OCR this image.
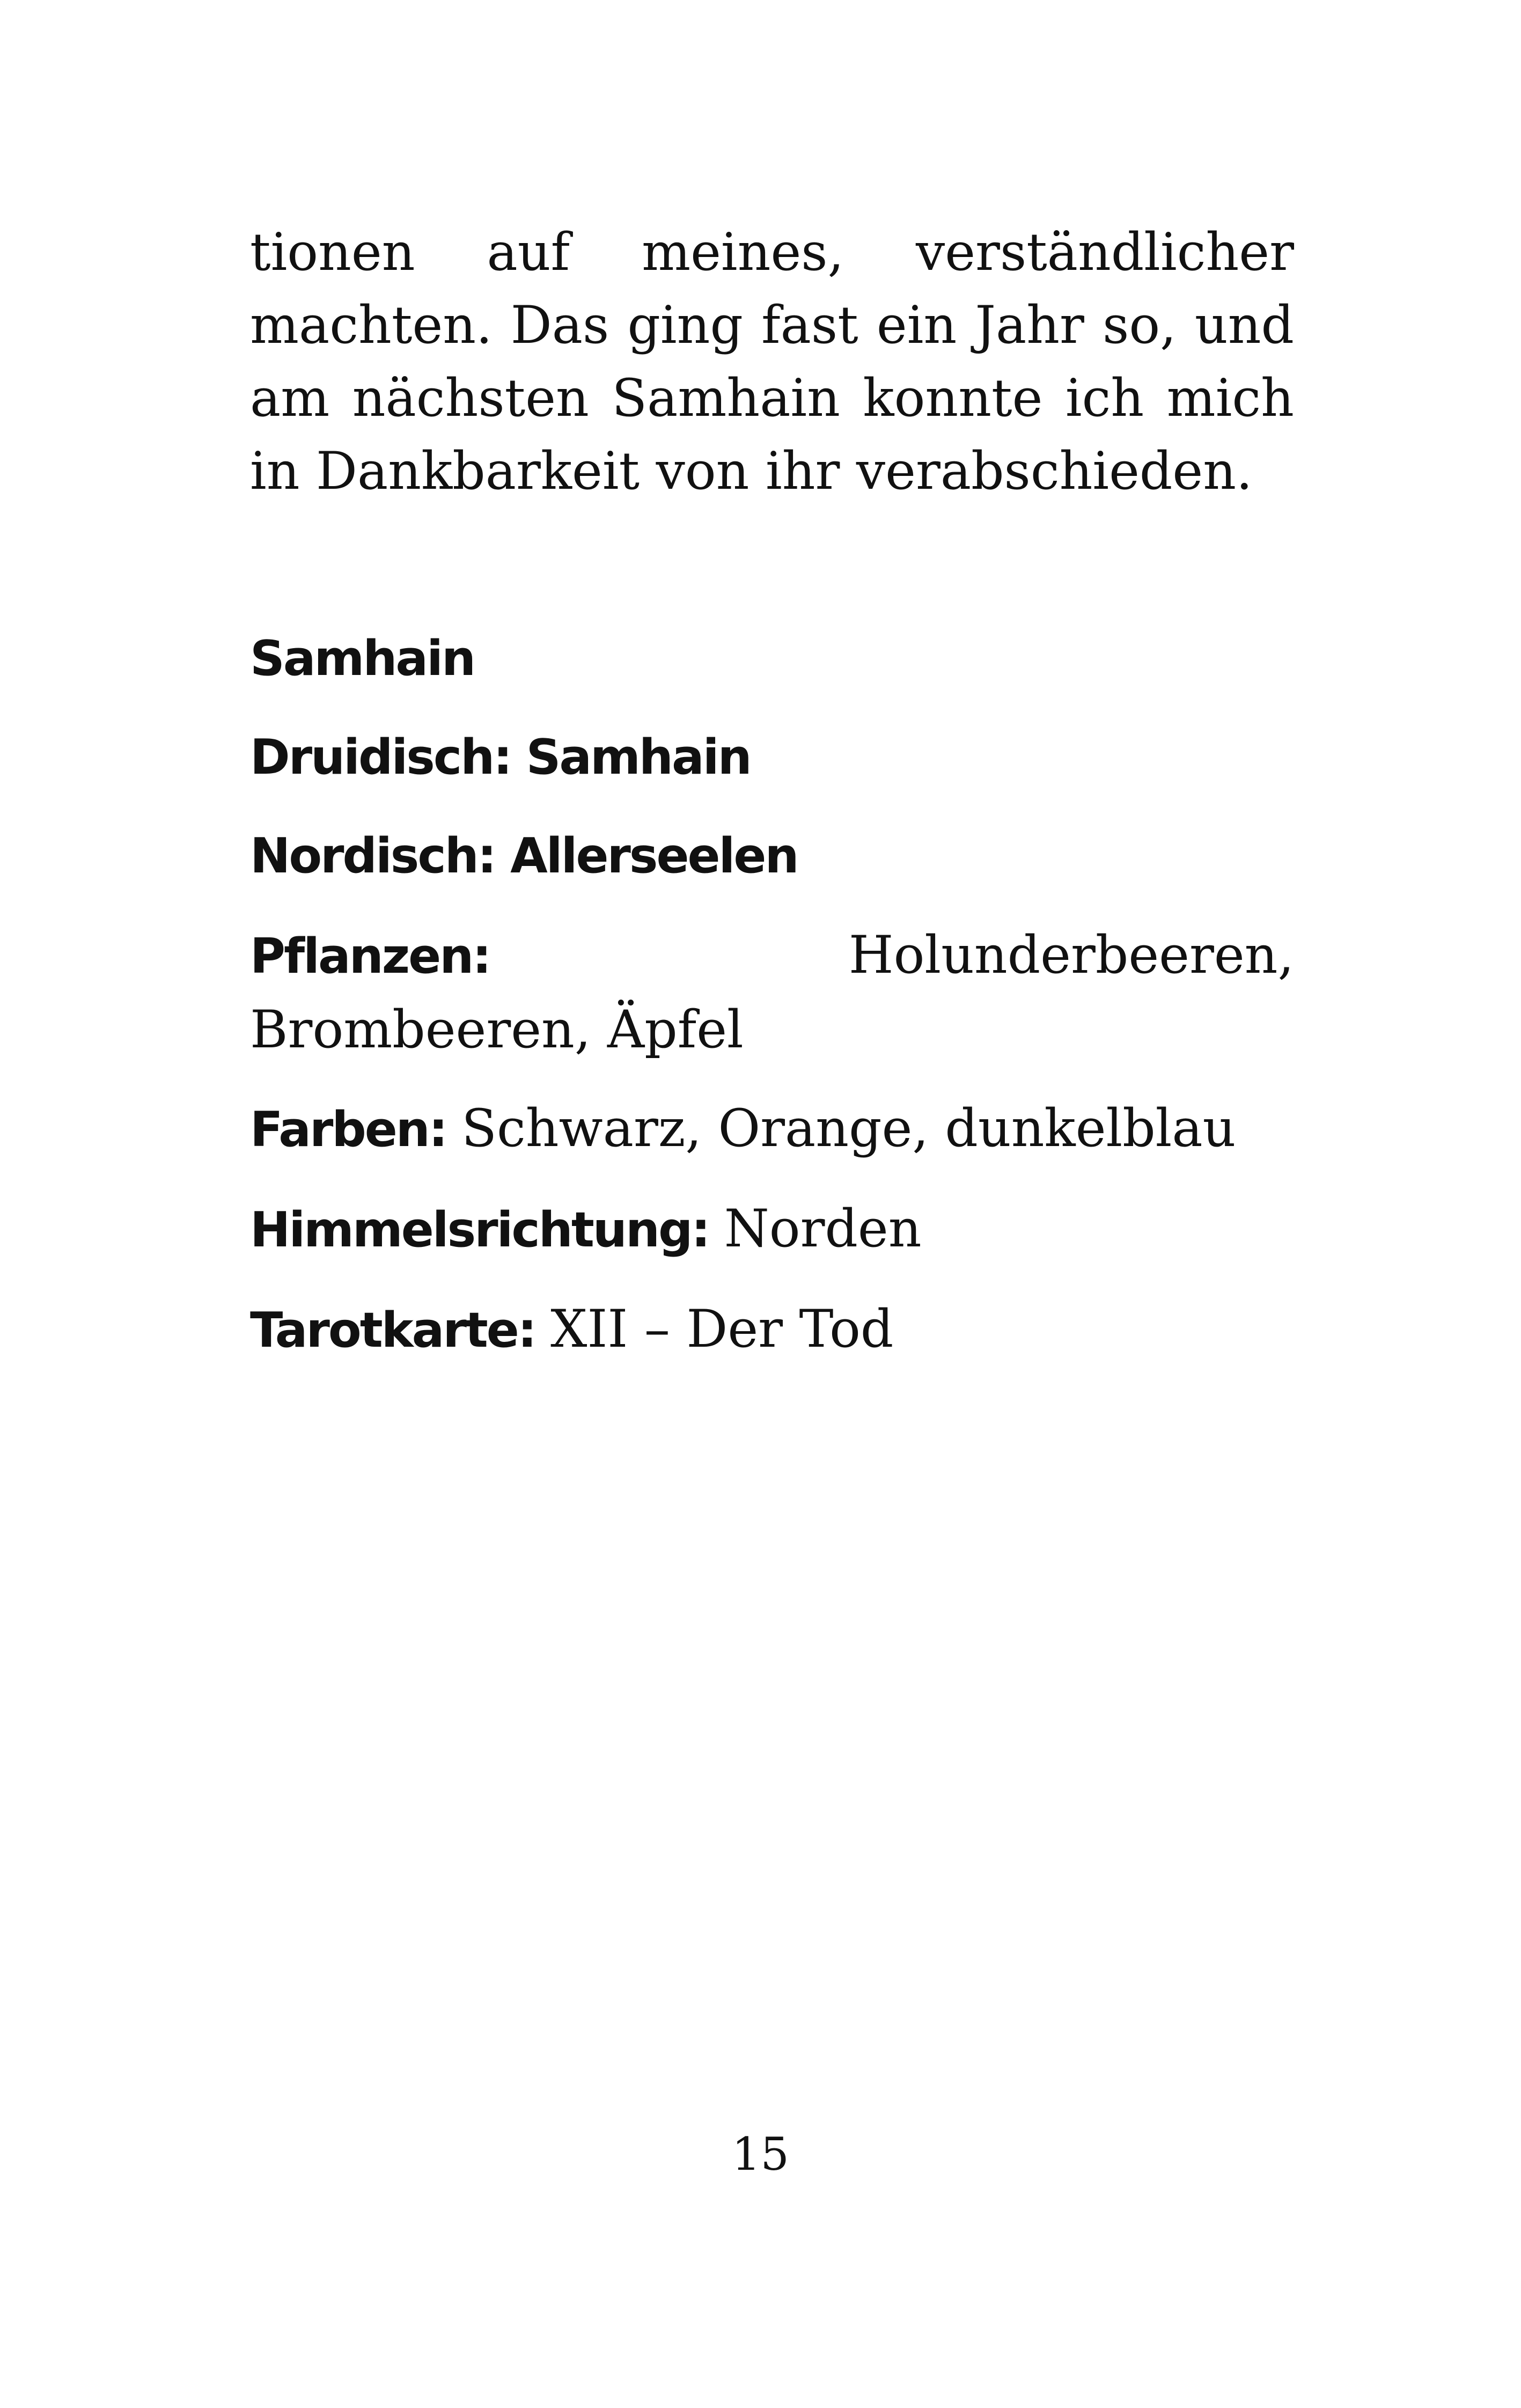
tionen auf meines, verständlicher machten. Das ging fast ein Jahr so, und am nächsten Samhain konnte ich mich in Dankbarkeit von ihr verabschieden.

Samhain

Druidisch: Samhain

Nordisch: Allerseelen

Pflanzen: Holunderbeeren, Brombeeren, Äpfel

Farben: Schwarz, Orange, dunkelblau

Himmelsrichtung: Norden

Tarotkarte: XII – Der Tod

15
